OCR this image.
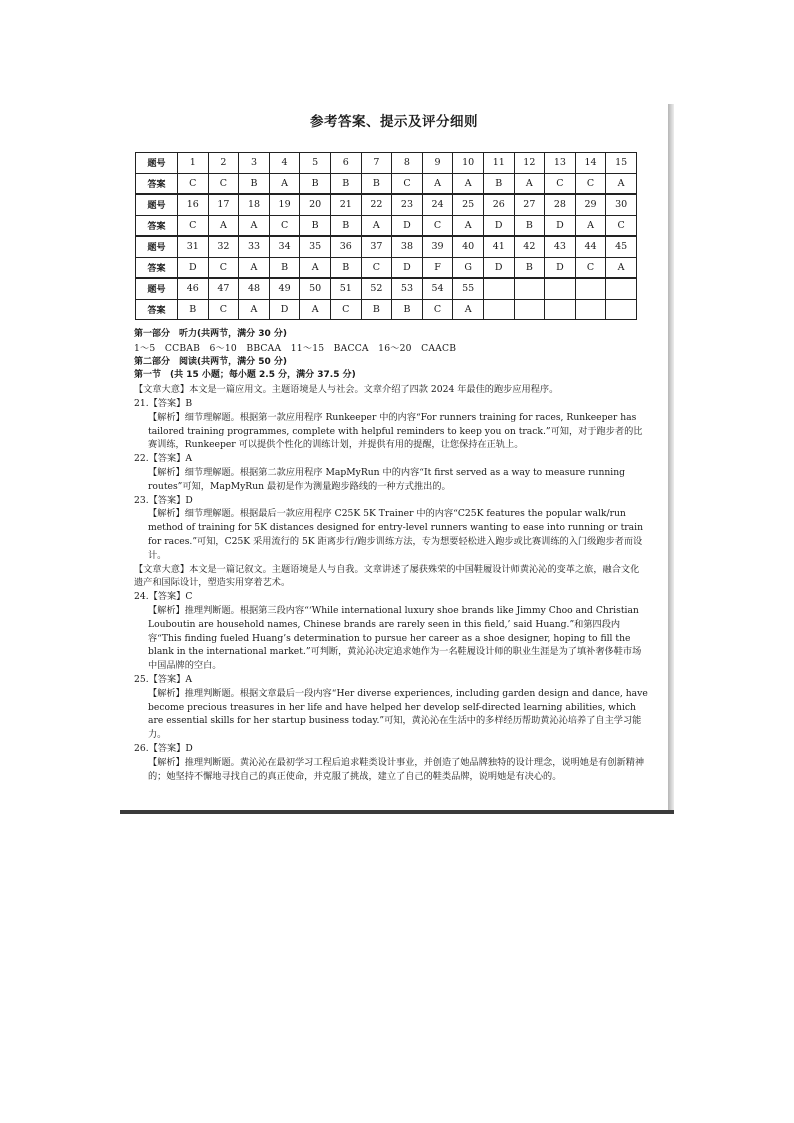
参考答案、提示及评分细则
题号	1	2	3	4	5	6	7	8	9	10	11	12	13	14	15
答案	C	C	B	A	B	B	B	C	A	A	B	A	C	C	A
题号	16	17	18	19	20	21	22	23	24	25	26	27	28	29	30
答案	C	A	A	C	B	B	A	D	C	A	D	B	D	A	C
题号	31	32	33	34	35	36	37	38	39	40	41	42	43	44	45
答案	D	C	A	B	A	B	C	D	F	G	D	B	D	C	A
题号	46	47	48	49	50	51	52	53	54	55					
答案	B	C	A	D	A	C	B	B	C	A					

第一部分　听力(共两节，满分 30 分)

1～5　CCBAB　6～10　BBCAA　11～15　BACCA　16～20　CAACB

第二部分　阅读(共两节，满分 50 分)

第一节　(共 15 小题；每小题 2.5 分，满分 37.5 分)

【文章大意】本文是一篇应用文。主题语境是人与社会。文章介绍了四款 2024 年最佳的跑步应用程序。

21.【答案】B

【解析】细节理解题。根据第一款应用程序 Runkeeper 中的内容“For runners training for races, Runkeeper has tailored training programmes, complete with helpful reminders to keep you on track.”可知，对于跑步者的比赛训练，Runkeeper 可以提供个性化的训练计划，并提供有用的提醒，让您保持在正轨上。

22.【答案】A

【解析】细节理解题。根据第二款应用程序 MapMyRun 中的内容“It first served as a way to measure running routes”可知，MapMyRun 最初是作为测量跑步路线的一种方式推出的。

23.【答案】D

【解析】细节理解题。根据最后一款应用程序 C25K 5K Trainer 中的内容“C25K features the popular walk/run method of training for 5K distances designed for entry-level runners wanting to ease into running or train for races.”可知，C25K 采用流行的 5K 距离步行/跑步训练方法，专为想要轻松进入跑步或比赛训练的入门级跑步者而设计。

【文章大意】本文是一篇记叙文。主题语境是人与自我。文章讲述了屡获殊荣的中国鞋履设计师黄沁沁的变革之旅，融合文化遗产和国际设计，塑造实用穿着艺术。

24.【答案】C

【解析】推理判断题。根据第三段内容“‘While international luxury shoe brands like Jimmy Choo and Christian Louboutin are household names, Chinese brands are rarely seen in this field,’ said Huang.”和第四段内容“This finding fueled Huang’s determination to pursue her career as a shoe designer, hoping to fill the blank in the international market.”可判断，黄沁沁决定追求她作为一名鞋履设计师的职业生涯是为了填补奢侈鞋市场中国品牌的空白。

25.【答案】A

【解析】推理判断题。根据文章最后一段内容“Her diverse experiences, including garden design and dance, have become precious treasures in her life and have helped her develop self-directed learning abilities, which are essential skills for her startup business today.”可知，黄沁沁在生活中的多样经历帮助黄沁沁培养了自主学习能力。

26.【答案】D

【解析】推理判断题。黄沁沁在最初学习工程后追求鞋类设计事业，并创造了她品牌独特的设计理念，说明她是有创新精神的；她坚持不懈地寻找自己的真正使命，并克服了挑战，建立了自己的鞋类品牌，说明她是有决心的。
